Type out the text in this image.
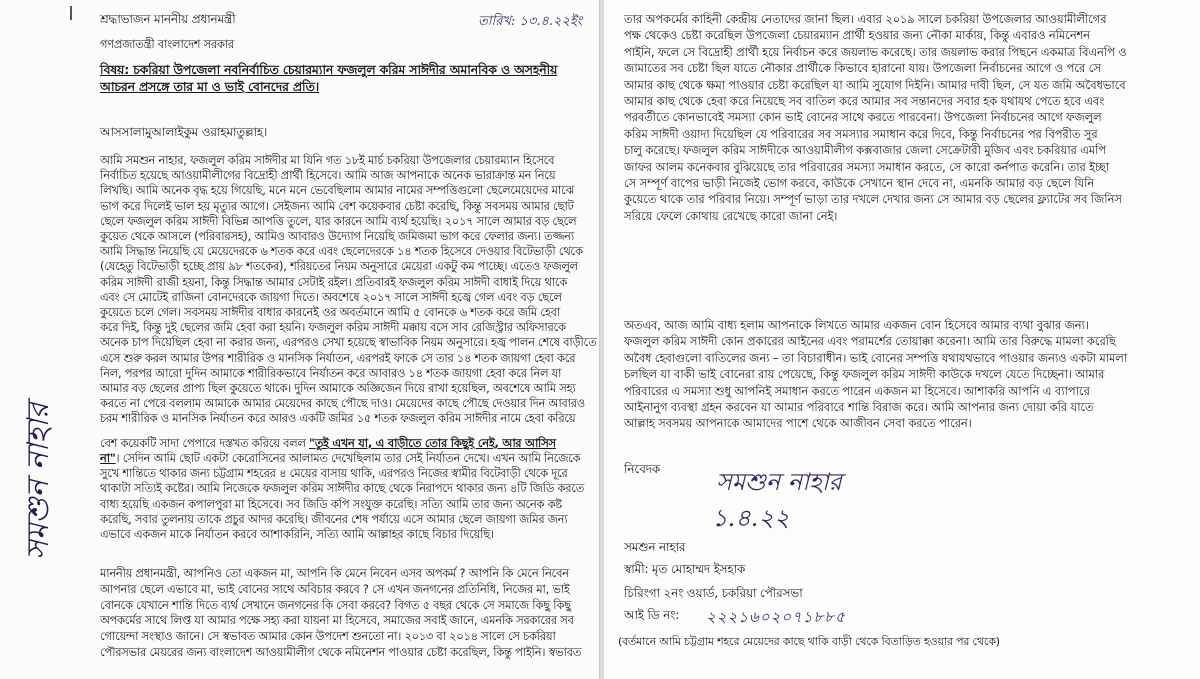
তারিখ: ১৩.৪.২২ইং
শ্রদ্ধাভাজন মাননীয় প্রধানমন্ত্রী
গণপ্রজাতন্ত্রী বাংলাদেশ সরকার
বিষয়: চকরিয়া উপজেলা নবনির্বাচিত চেয়ারম্যান ফজলুল করিম সাঈদীর অমানবিক ও অসহনীয়
আচরন প্রসঙ্গে তার মা ও ভাই বোনদের প্রতি।
আসসালামুআলাইকুম ওরাহমাতুল্লাহ।
আমি সমশুন নাহার, ফজলুল করিম সাঈদীর মা যিনি গত ১৮ই মার্চ চকরিয়া উপজেলার চেয়ারম্যান হিসেবে
নির্বাচিত হয়েছে আওয়ামীলীগের বিদ্রোহী প্রার্থী হিসেবে। আমি আজ আপনাকে অনেক ভারাক্রান্ত মন নিয়ে
লিখছি। আমি অনেক বৃদ্ধ হয়ে গিয়েছি, মনে মনে ভেবেছিলাম আমার নামের সম্পত্তিগুলো ছেলেমেয়েদের মাঝে
ভাগ করে দিলেই ভাল হয় মৃত্যুর আগে। সেইজন্য আমি বেশ কয়েকবার চেষ্টা করেছি, কিন্তু সবসময় আমার ছোট
ছেলে ফজলুল করিম সাঈদী বিভিন্ন আপত্তি তুলে, যার কারনে আমি ব্যর্থ হয়েছি। ২০১৭ সালে আমার বড় ছেলে
কুয়েত থেকে আসলে (পরিবারসহ), আমিও আবারও উদ্যোগ নিয়েছি জমিজমা ভাগ করে ফেলার জন্য। তজ্জন্য
আমি সিদ্ধান্ত নিয়েছি যে মেয়েদেরকে ৬ শতক করে এবং ছেলেদেরকে ১৪ শতক হিসেবে দেওয়ার বিটেভাড়ী থেকে
(যেহেতু বিটেভাড়ী হচ্ছে প্রায় ৯৮ শতকের), শরিয়তের নিয়ম অনুসারে মেয়েরা একটু কম পাচ্ছে। এতেও ফজলুল
করিম সাঈদী রাজী হয়না, কিন্তু সিদ্ধান্ত আমার সেটাই রইল। প্রতিবারই ফজলুল করিম সাঈদী বাধাই দিয়ে থাকে
এবং সে মোটেই রাজিনা বোনদেরকে জায়গা দিতে। অবশেষে ২০১৭ সালে সাঈদী হজ্বে গেল এবং বড় ছেলে
কুয়েতে চলে গেল। সবসময় সাঈদীর বাধার কারনেই ওর অবর্তমানে আমি ৫ বোনকে ৬ শতক করে জমি হেবা
করে দিই, কিন্তু দুই ছেলের জমি হেবা করা হয়নি। ফজলুল করিম সাঈদী মক্কায় বসে সাব রেজিস্ট্রার অফিসারকে
অনেক চাপ দিয়েছিল হেবা না করার জন্য, এরপরও সেখা হয়েছে স্বাভাবিক নিয়ম অনুসারে। হজ্ব পালন শেষে বাড়ীতে
এসে শুরু করল আমার উপর শারীরিক ও মানসিক নির্যাতন, এরপরই ফাকে সে তার ১৪ শতক জায়গা হেবা করে
নিল, পরপর আরো দুদিন আমাকে শারীরিকভাবে নির্যাতন করে আবারও ১৪ শতক জায়গা হেবা করে নিল যা
আমার বড় ছেলের প্রাপ্য ছিল কুয়েতে থাকে। দুদিন আমাকে অজ্ঞিজেন দিয়ে রাখা হয়েছিল, অবশেষে আমি সহ্য
করতে না পেরে বললাম আমাকে আমার মেয়েদের কাছে পৌছে দাও। মেয়েদের কাছে পৌছে দেওয়ার দিন আবারও
চরম শারীরিক ও মানসিক নির্যাতন করে আরও একটি জমির ১৫ শতক ফজলুল করিম সাঈদীর নামে হেবা করিয়ে
বেশ কয়েকটি সাদা পেপারে দস্তখত করিয়ে বলল "তুই এখন যা, এ বাড়ীতে তোর কিছুই নেই, আর আসিস
না"। সেদিন আমি ছোট একটা কেরোসিনের আলামত দেখেছিলাম তার সেই নির্যাতন দেখে। এখন আমি নিজেকে
সুখে শান্তিতে থাকার জন্য চট্টগ্রাম শহরের ৪ মেয়ের বাসায় থাকি, এরপরও নিজের স্বামীর বিটেবাড়ী থেকে দূরে
থাকাটা সত্যিই কষ্টের। আমি নিজেকে ফজলুল করিম সাঈদীর কাছে থেকে নিরাপদে থাকার জন্য ৪টি জিডি করতে
বাধ্য হয়েছি একজন কপালপুরা মা হিসেবে। সব জিডি কপি সংযুক্ত করেছি। সত্যি আমি তার জন্য অনেক কষ্ট
করেছি, সবার তুলনায় তাকে প্রচুর আদর করেছি। জীবনের শেষ পর্যায়ে এসে আমার ছেলে জায়গা জমির জন্য
এভাবে একজন মাকে নির্যাতন করবে আশাকরিনি, সত্যি আমি আল্লাহর কাছে বিচার দিয়েছি।
মাননীয় প্রধানমন্ত্রী, আপনিও তো একজন মা, আপনি কি মেনে নিবেন এসব অপকর্ম ? আপনি কি মেনে নিবেন
আপনার ছেলে এভাবে মা, ভাই বোনের সাথে অবিচার করবে ? সে এখন জনগনের প্রতিনিধি, নিজের মা, ভাই
বোনকে যেখানে শান্তি দিতে ব্যর্থ সেখানে জনগনের কি সেবা করবে? বিগত ৫ বছর থেকে সে সমাজে কিছু কিছু
অপকর্মের সাথে লিপ্ত যা আমার পক্ষে সহ্য করা যায়না মা হিসেবে, সমাজের সবাই জানে, এমনকি সরকারের সব
গোয়েন্দা সংস্থাও জানে। সে স্বভাবত আমার কোন উপদেশ শুনতো না। ২০১৩ বা ২০১৪ সালে সে চকরিয়া
পৌরসভার মেয়রের জন্য বাংলাদেশ আওয়ামীলীগ থেকে নমিনেশন পাওয়ার চেষ্টা করেছিল, কিন্তু পাইনি। স্বভাবত
সমশুন নাহার
তার অপকর্মের কাহিনী কেন্দ্রীয় নেতাদের জানা ছিল। এবার ২০১৯ সালে চকরিয়া উপজেলার আওয়ামীলীগের
পক্ষ থেকেও চেষ্টা করেছিল উপজেলা চেয়ারম্যান প্রার্থী হওয়ার জন্য নৌকা মার্কায়, কিন্তু এবারও নমিনেশন
পাইনি, ফলে সে বিদ্রোহী প্রার্থী হয়ে নির্বাচন করে জয়লাভ করেছে। তার জয়লাভ করার পিছনে একমাত্র বিএনপি ও
জামাতের সব চেষ্টা ছিল যাতে নৌকার প্রার্থীকে কিভাবে হারানো যায়। উপজেলা নির্বাচনের আগে ও পরে সে
আমার কাছ থেকে ক্ষমা পাওয়ার চেষ্টা করেছিল যা আমি সুযোগ দিইনি। আমার দাবী ছিল, সে যত জমি অবৈধভাবে
আমার কাছ থেকে হেবা করে নিয়েছে সব বাতিল করে আমার সব সন্তানদের সবার হক যথাযথ পেতে হবে এবং
পরবর্তীতে কোনভাবেই সমস্যা কোন ভাই বোনের সাথে করতে পারবেনা। উপজেলা নির্বাচনের আগে ফজলুল
করিম সাঈদী ওয়াদা দিয়েছিল যে পরিবারের সব সমস্যার সমাধান করে দিবে, কিন্তু নির্বাচনের পর বিপরীত সুর
চালু করেছে। ফজলুল করিম সাঈদীকে আওয়ামীলীগ কক্সবাজার জেলা সেক্রেটারী মুজিব এবং চকরিয়ার এমপি
জাফর আলম কনেকবার বুঝিয়েছে তার পরিবারের সমস্যা সমাধান করতে, সে কারো কর্নপাত করেনি। তার ইচ্ছা
সে সম্পূর্ণ বাপের ভাড়ী নিজেই ভোগ করবে, কাউকে সেখানে স্থান দেবে না, এমনকি আমার বড় ছেলে যিনি
কুয়েতে থাকে তার পরিবার নিয়ে। সম্পূর্ণ ভাড়া তার দখলে দেখার জন্য সে আমার বড় ছেলের ফ্ল্যাটের সব জিনিস
সরিয়ে ফেলে কোথায় রেখেছে কারো জানা নেই।
অতএব, আজ আমি বাধ্য হলাম আপনাকে লিখতে আমার একজন বোন হিসেবে আমার ব্যথা বুঝার জন্য।
ফজলুল করিম সাঈদী কোন প্রকারের আইনের এবং পরামর্শের তোয়াক্কা করেনা। আমি তার বিরুদ্ধে মামলা করেছি
অবৈধ হেবাগুলো বাতিলের জন্য – তা বিচারাধীন। ভাই বোনের সম্পত্তি যথাযথভাবে পাওয়ার জন্যও একটা মামলা
চলছিল যা বাকী ভাই বোনেরা রায় পেয়েছে, কিন্তু ফজলুল করিম সাঈদী কাউকে দখলে যেতে দিচ্ছেনা। আমার
পরিবারের এ সমস্যা শুধু আপনিই সমাধান করতে পারেন একজন মা হিসেবে। আশাকরি আপনি এ ব্যাপারে
আইনানুগ ব্যবস্থা গ্রহন করবেন যা আমার পরিবারে শান্তি বিরাজ করে। আমি আপনার জন্য দোয়া করি যাতে
আল্লাহ সবসময় আপনাকে আমাদের পাশে থেকে আজীবন সেবা করতে পারেন।
নিবেদক সমশুন নাহার
১.৪.২২
সমশুন নাহার
স্বামী: মৃত মোহাম্মদ ইসহাক
চিরিংগা ২নং ওয়ার্ড, চকরিয়া পৌরসভা
আই ডি নং: ২২২১৬০২০৭১৮৮৫
(বর্তমানে আমি চট্টগ্রাম শহরে মেয়েদের কাছে থাকি বাড়ী থেকে বিতাড়িত হওয়ার পর থেকে)
